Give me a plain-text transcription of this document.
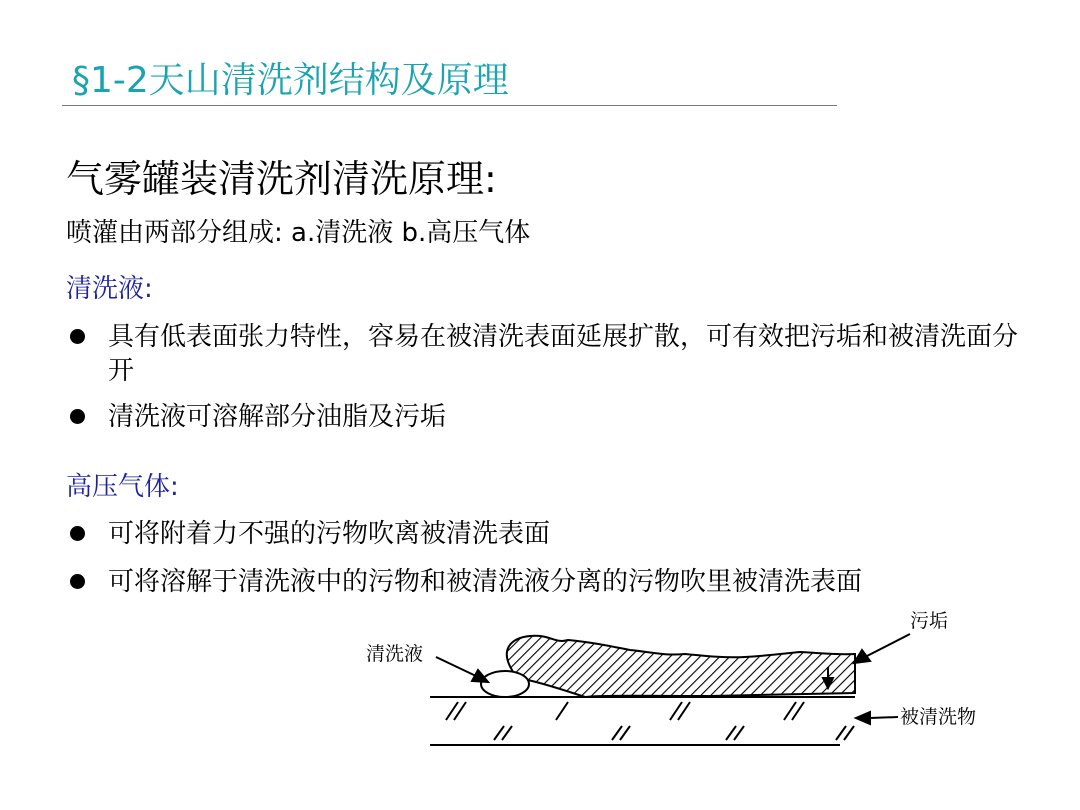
§1-2天山清洗剂结构及原理
气雾罐装清洗剂清洗原理:

喷灌由两部分组成: a.清洗液 b.高压气体

清洗液:

具有低表面张力特性，容易在被清洗表面延展扩散，可有效把污垢和被清洗面分开
清洗液可溶解部分油脂及污垢

高压气体:

可将附着力不强的污物吹离被清洗表面
可将溶解于清洗液中的污物和被清洗液分离的污物吹里被清洗表面
清洗液
污垢
被清洗物
